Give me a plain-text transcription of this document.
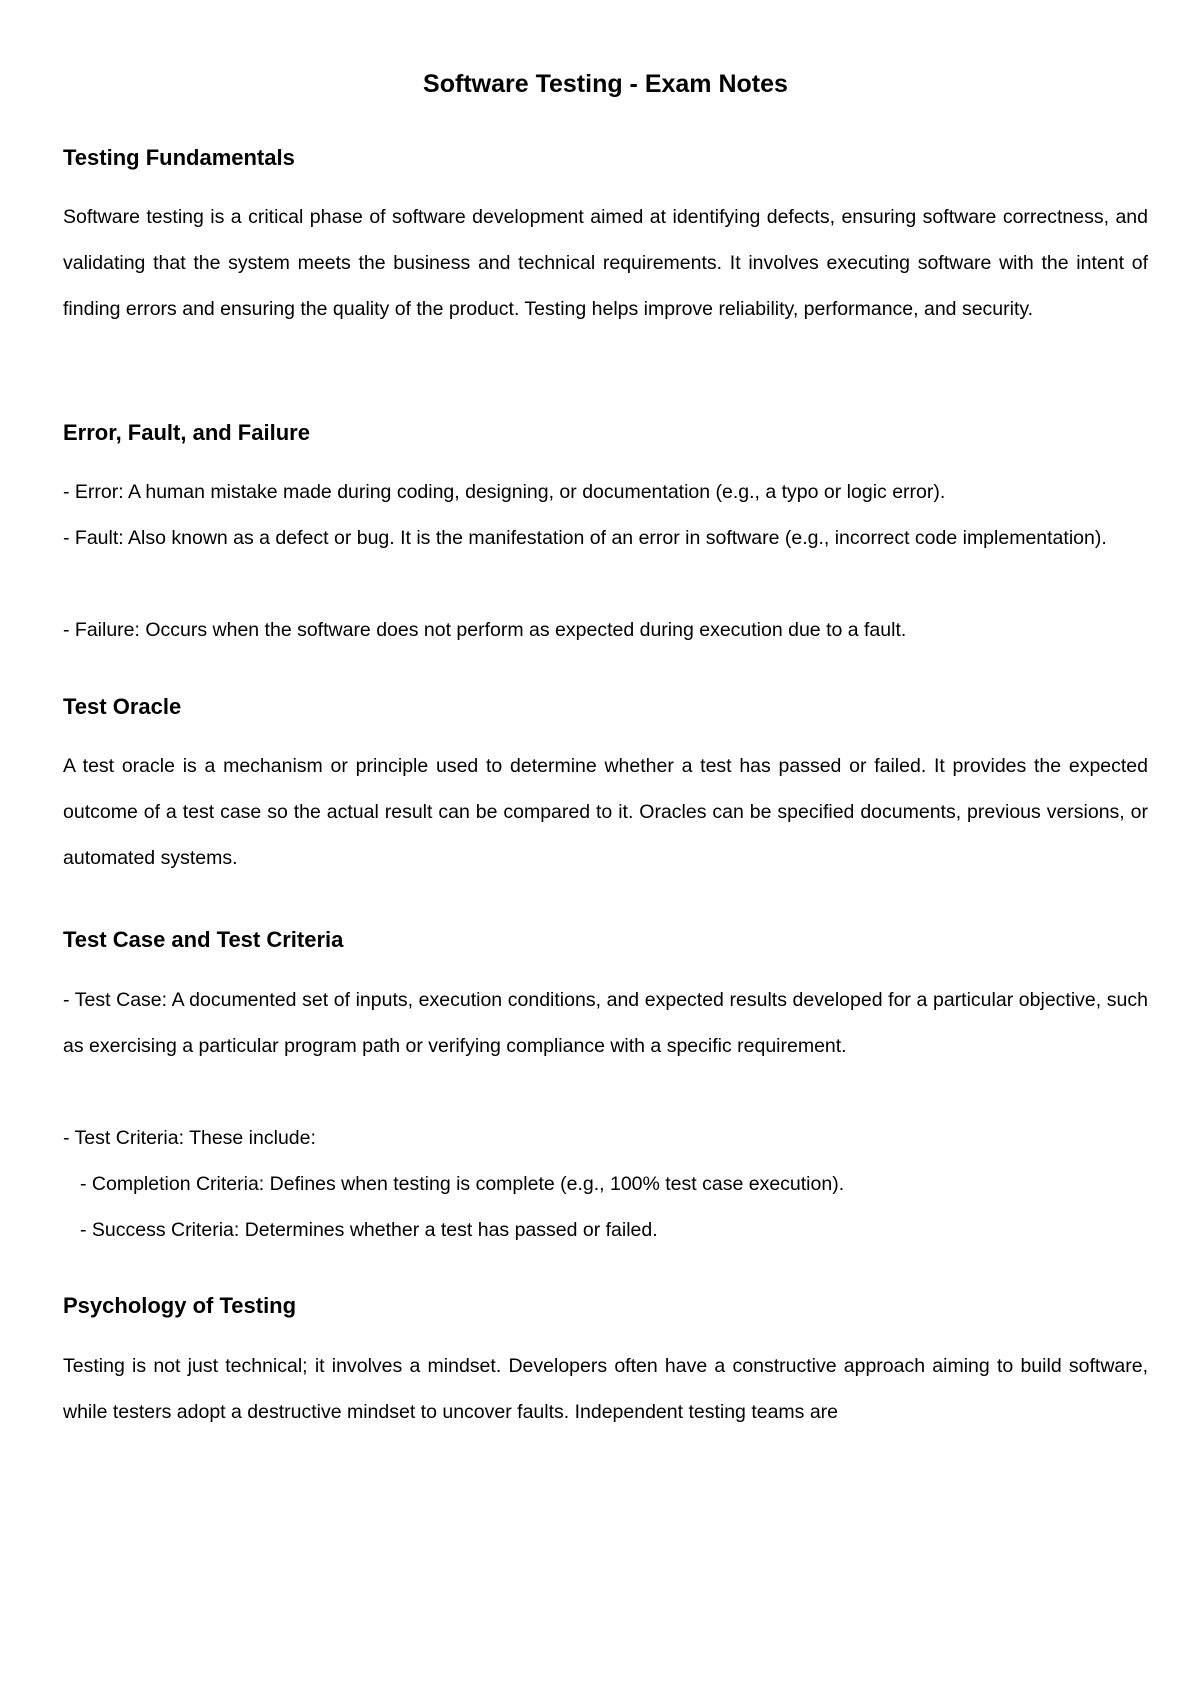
Software Testing - Exam Notes
Testing Fundamentals

Software testing is a critical phase of software development aimed at identifying defects, ensuring software correctness, and validating that the system meets the business and technical requirements. It involves executing software with the intent of finding errors and ensuring the quality of the product. Testing helps improve reliability, performance, and security.

Error, Fault, and Failure

- Error: A human mistake made during coding, designing, or documentation (e.g., a typo or logic error).

- Fault: Also known as a defect or bug. It is the manifestation of an error in software (e.g., incorrect code implementation).

- Failure: Occurs when the software does not perform as expected during execution due to a fault.

Test Oracle

A test oracle is a mechanism or principle used to determine whether a test has passed or failed. It provides the expected outcome of a test case so the actual result can be compared to it. Oracles can be specified documents, previous versions, or automated systems.

Test Case and Test Criteria

- Test Case: A documented set of inputs, execution conditions, and expected results developed for a particular objective, such as exercising a particular program path or verifying compliance with a specific requirement.

- Test Criteria: These include:

- Completion Criteria: Defines when testing is complete (e.g., 100% test case execution).

- Success Criteria: Determines whether a test has passed or failed.

Psychology of Testing

Testing is not just technical; it involves a mindset. Developers often have a constructive approach aiming to build software, while testers adopt a destructive mindset to uncover faults. Independent testing teams are
